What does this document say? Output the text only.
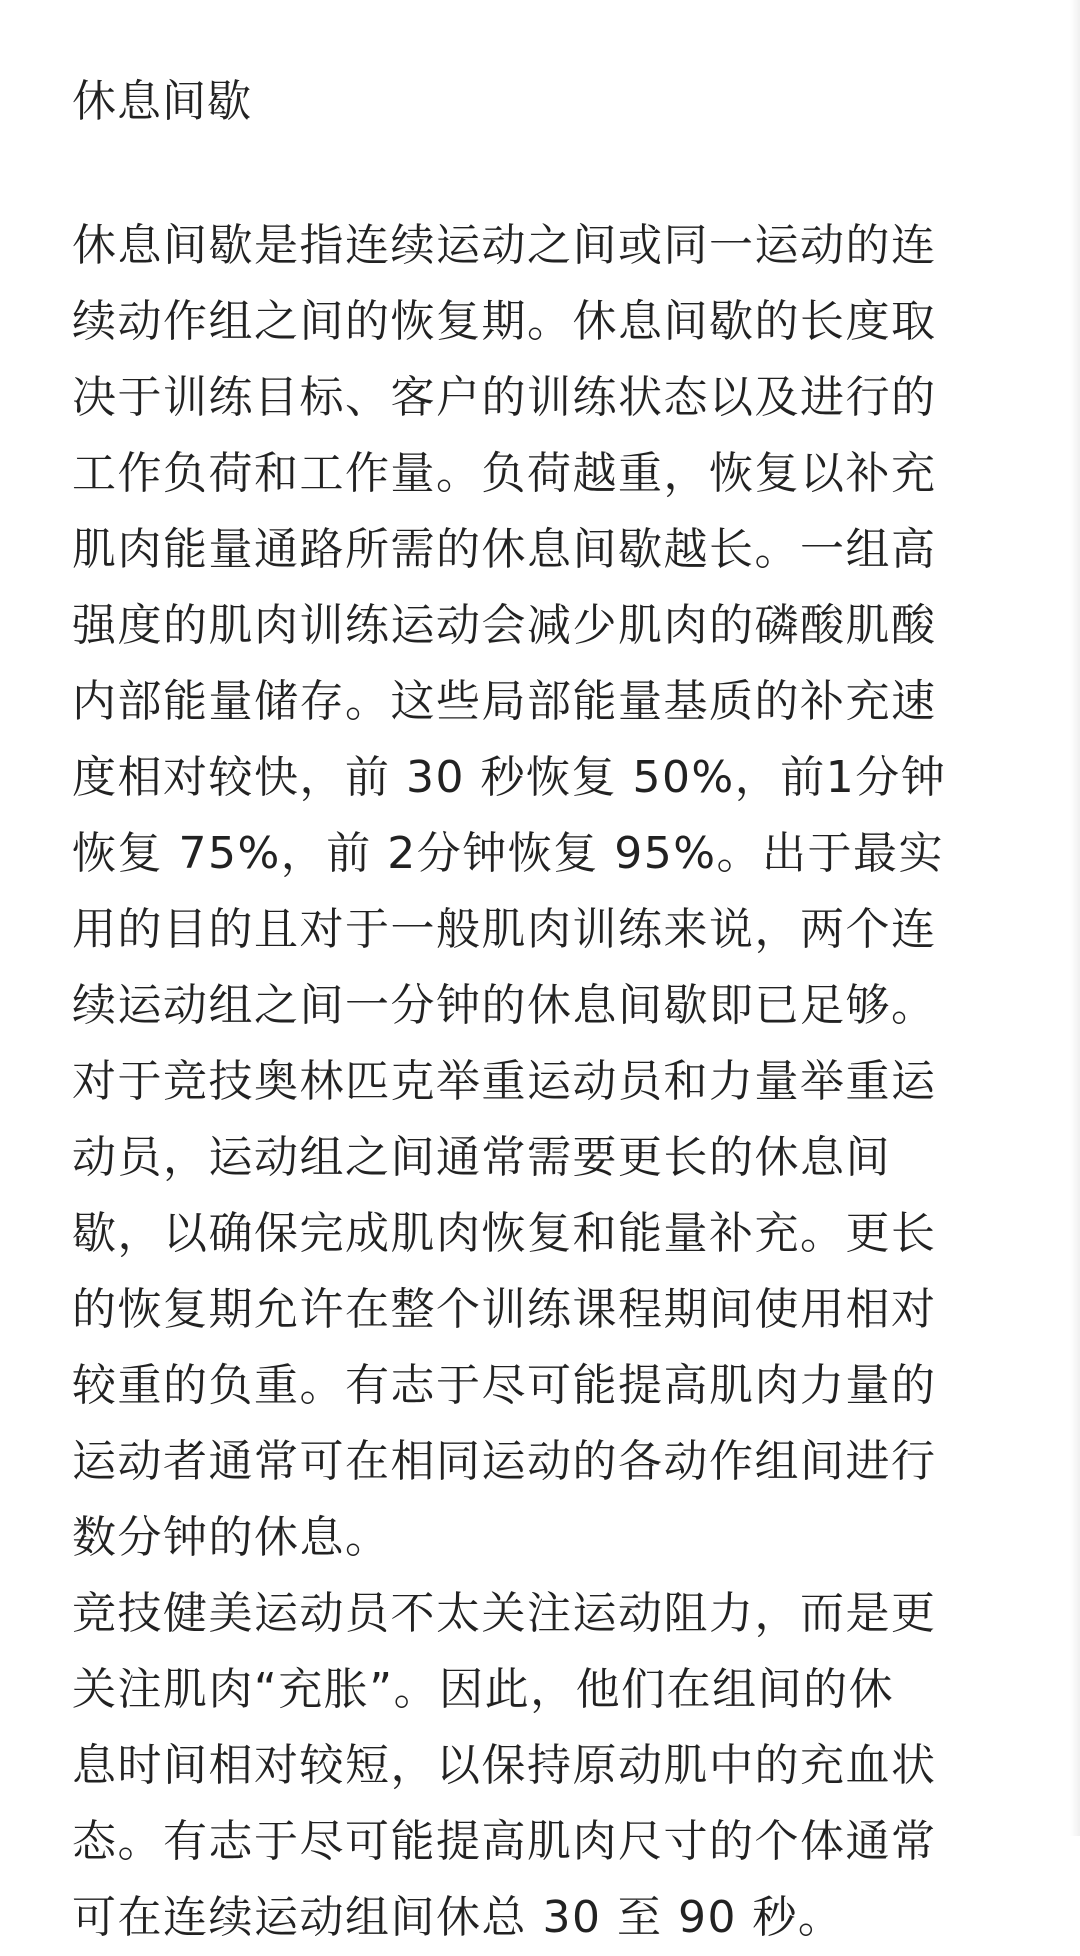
休息间歇
休息间歇是指连续运动之间或同一运动的连
续动作组之间的恢复期。休息间歇的长度取
决于训练目标、客户的训练状态以及进行的
工作负荷和工作量。负荷越重，恢复以补充
肌肉能量通路所需的休息间歇越长。一组高
强度的肌肉训练运动会减少肌肉的磷酸肌酸
内部能量储存。这些局部能量基质的补充速
度相对较快，前 30 秒恢复 50%，前1分钟
恢复 75%，前 2分钟恢复 95%。出于最实
用的目的且对于一般肌肉训练来说，两个连
续运动组之间一分钟的休息间歇即已足够。
对于竞技奥林匹克举重运动员和力量举重运
动员，运动组之间通常需要更长的休息间
歇，以确保完成肌肉恢复和能量补充。更长
的恢复期允许在整个训练课程期间使用相对
较重的负重。有志于尽可能提高肌肉力量的
运动者通常可在相同运动的各动作组间进行
数分钟的休息。
竞技健美运动员不太关注运动阻力，而是更
关注肌肉“充胀”。因此，他们在组间的休
息时间相对较短，以保持原动肌中的充血状
态。有志于尽可能提高肌肉尺寸的个体通常
可在连续运动组间休总 30 至 90 秒。
